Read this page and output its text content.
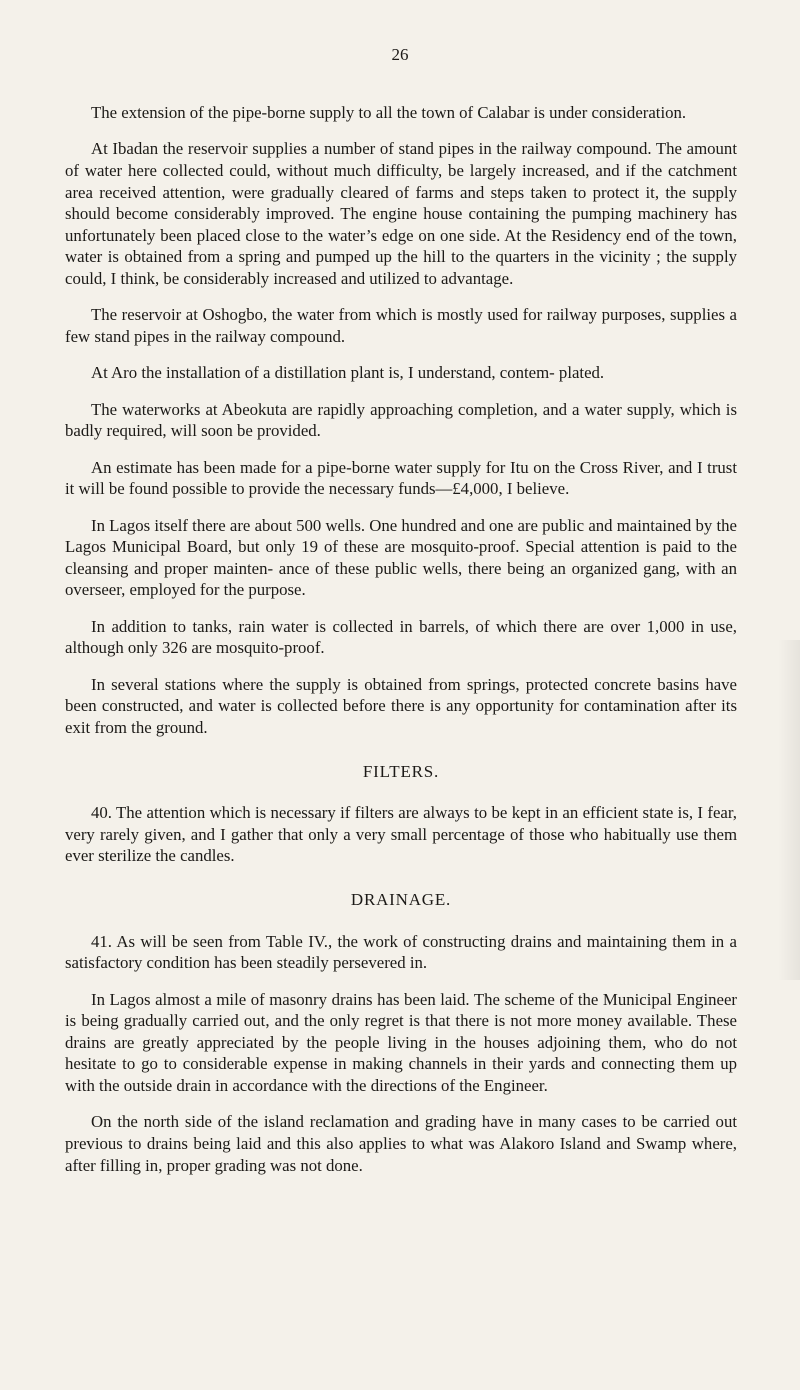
26

The extension of the pipe-borne supply to all the town of Calabar is under consideration.

At Ibadan the reservoir supplies a number of stand pipes in the railway compound. The amount of water here collected could, without much difficulty, be largely increased, and if the catchment area received attention, were gradually cleared of farms and steps taken to protect it, the supply should become considerably improved. The engine house containing the pumping machinery has unfortunately been placed close to the water’s edge on one side. At the Residency end of the town, water is obtained from a spring and pumped up the hill to the quarters in the vicinity ; the supply could, I think, be considerably increased and utilized to advantage.

The reservoir at Oshogbo, the water from which is mostly used for railway purposes, supplies a few stand pipes in the railway compound.

At Aro the installation of a distillation plant is, I understand, contem- plated.

The waterworks at Abeokuta are rapidly approaching completion, and a water supply, which is badly required, will soon be provided.

An estimate has been made for a pipe-borne water supply for Itu on the Cross River, and I trust it will be found possible to provide the necessary funds—£4,000, I believe.

In Lagos itself there are about 500 wells. One hundred and one are public and maintained by the Lagos Municipal Board, but only 19 of these are mosquito-proof. Special attention is paid to the cleansing and proper mainten- ance of these public wells, there being an organized gang, with an overseer, employed for the purpose.

In addition to tanks, rain water is collected in barrels, of which there are over 1,000 in use, although only 326 are mosquito-proof.

In several stations where the supply is obtained from springs, protected concrete basins have been constructed, and water is collected before there is any opportunity for contamination after its exit from the ground.

FILTERS.

40. The attention which is necessary if filters are always to be kept in an efficient state is, I fear, very rarely given, and I gather that only a very small percentage of those who habitually use them ever sterilize the candles.

DRAINAGE.

41. As will be seen from Table IV., the work of constructing drains and maintaining them in a satisfactory condition has been steadily persevered in.

In Lagos almost a mile of masonry drains has been laid. The scheme of the Municipal Engineer is being gradually carried out, and the only regret is that there is not more money available. These drains are greatly appreciated by the people living in the houses adjoining them, who do not hesitate to go to considerable expense in making channels in their yards and connecting them up with the outside drain in accordance with the directions of the Engineer.

On the north side of the island reclamation and grading have in many cases to be carried out previous to drains being laid and this also applies to what was Alakoro Island and Swamp where, after filling in, proper grading was not done.
